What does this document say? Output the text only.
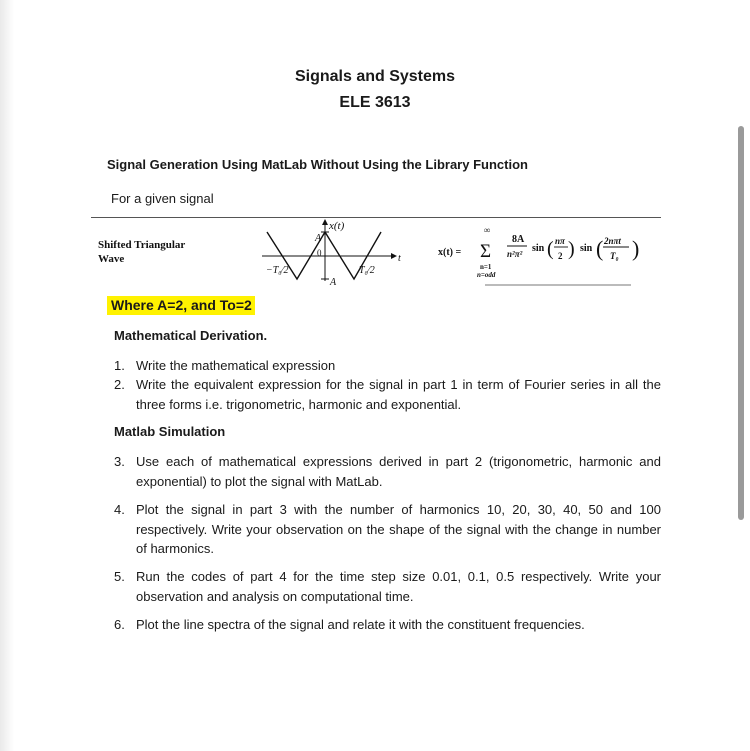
Signals and Systems
ELE 3613
Signal Generation Using MatLab Without Using the Library Function
For a given signal
Shifted Triangular
Wave
x(t)
t
A
0
A
−T₀⁄2	T₀⁄2
x(t) =
∞
Σ
n=1
n=odd
8A
n²π² sin ( nπ
2 ) sin ( 2nπt
T₀ )
Where A=2, and To=2
Mathematical Derivation.
1. Write the mathematical expression
2. Write the equivalent expression for the signal in part 1 in term of Fourier series in all the three forms i.e. trigonometric, harmonic and exponential.
Matlab Simulation
3. Use each of mathematical expressions derived in part 2 (trigonometric, harmonic and exponential) to plot the signal with MatLab.
4. Plot the signal in part 3 with the number of harmonics 10, 20, 30, 40, 50 and 100 respectively. Write your observation on the shape of the signal with the change in number of harmonics.
5. Run the codes of part 4 for the time step size 0.01, 0.1, 0.5 respectively. Write your observation and analysis on computational time.
6. Plot the line spectra of the signal and relate it with the constituent frequencies.
